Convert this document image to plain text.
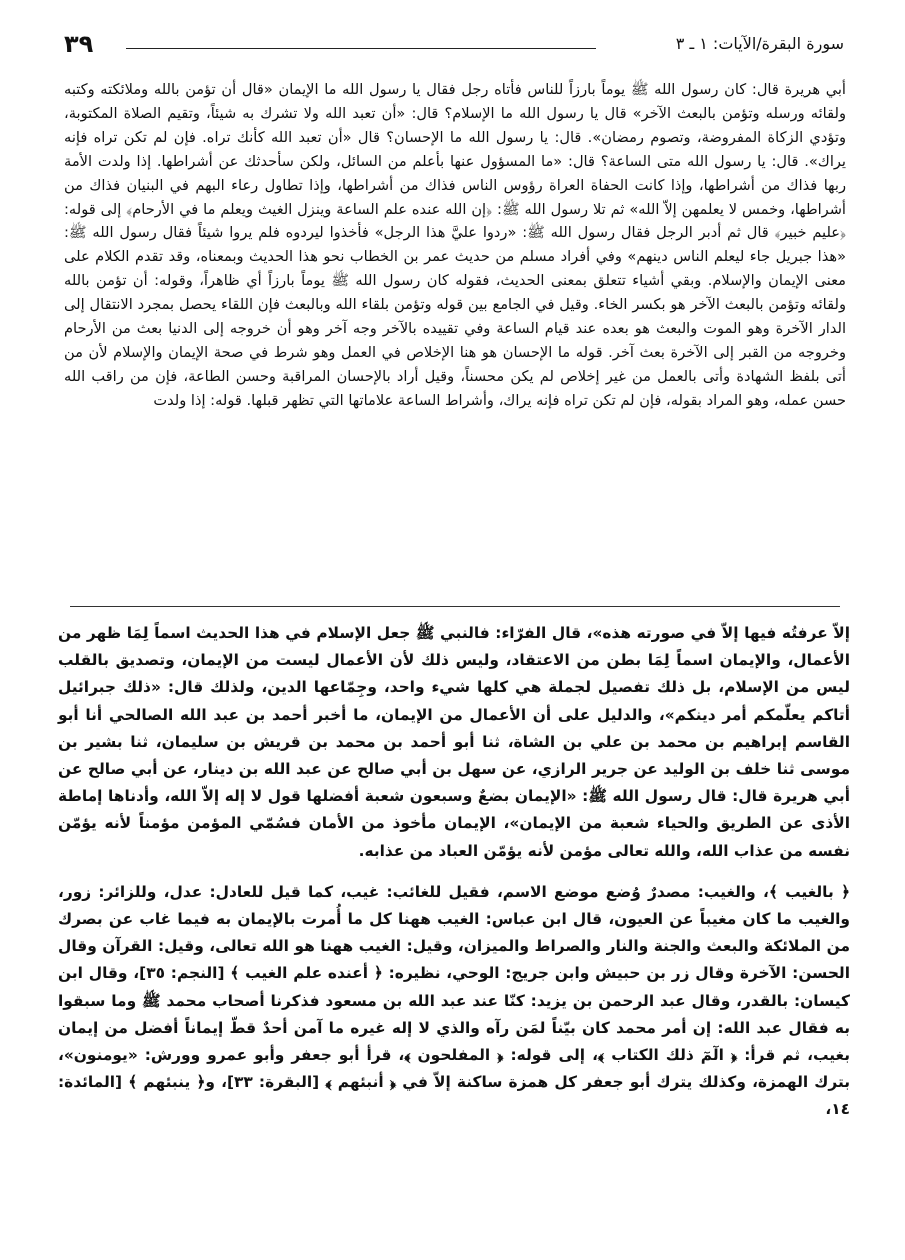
سورة البقرة/الآيات: ١ ـ ٣
٣٩
أبي هريرة قال: كان رسول الله ﷺ يوماً بارزاً للناس فأتاه رجل فقال يا رسول الله ما الإيمان «قال أن تؤمن بالله وملائكته وكتبه ولقائه ورسله وتؤمن بالبعث الآخر» قال يا رسول الله ما الإسلام؟ قال: «أن تعبد الله ولا تشرك به شيئاً، وتقيم الصلاة المكتوبة، وتؤدي الزكاة المفروضة، وتصوم رمضان». قال: يا رسول الله ما الإحسان؟ قال «أن تعبد الله كأنك تراه. فإن لم تكن تراه فإنه يراك». قال: يا رسول الله متى الساعة؟ قال: «ما المسؤول عنها بأعلم من السائل، ولكن سأحدثك عن أشراطها. إذا ولدت الأمة ربها فذاك من أشراطها، وإذا كانت الحفاة العراة رؤوس الناس فذاك من أشراطها، وإذا تطاول رعاء البهم في البنيان فذاك من أشراطها، وخمس لا يعلمهن إلاّ الله» ثم تلا رسول الله ﷺ: ﴿إن الله عنده علم الساعة وينزل الغيث ويعلم ما في الأرحام﴾ إلى قوله: ﴿عليم خبير﴾ قال ثم أدبر الرجل فقال رسول الله ﷺ: «ردوا عليَّ هذا الرجل» فأخذوا ليردوه فلم يروا شيئاً فقال رسول الله ﷺ: «هذا جبريل جاء ليعلم الناس دينهم» وفي أفراد مسلم من حديث عمر بن الخطاب نحو هذا الحديث وبمعناه، وقد تقدم الكلام على معنى الإيمان والإسلام. وبقي أشياء تتعلق بمعنى الحديث، فقوله كان رسول الله ﷺ يوماً بارزاً أي ظاهراً، وقوله: أن تؤمن بالله ولقائه وتؤمن بالبعث الآخر هو بكسر الخاء. وقيل في الجامع بين قوله وتؤمن بلقاء الله وبالبعث فإن اللقاء يحصل بمجرد الانتقال إلى الدار الآخرة وهو الموت والبعث هو بعده عند قيام الساعة وفي تقييده بالآخر وجه آخر وهو أن خروجه إلى الدنيا بعث من الأرحام وخروجه من القبر إلى الآخرة بعث آخر. قوله ما الإحسان هو هنا الإخلاص في العمل وهو شرط في صحة الإيمان والإسلام لأن من أتى بلفظ الشهادة وأتى بالعمل من غير إخلاص لم يكن محسناً، وقيل أراد بالإحسان المراقبة وحسن الطاعة، فإن من راقب الله حسن عمله، وهو المراد بقوله، فإن لم تكن تراه فإنه يراك، وأشراط الساعة علاماتها التي تظهر قبلها. قوله: إذا ولدت

إلاّ عرفتُه فيها إلاّ في صورته هذه»، قال الفرّاء: فالنبي ﷺ جعل الإسلام في هذا الحديث اسماً لِمَا ظهر من الأعمال، والإيمان اسماً لِمَا بطن من الاعتقاد، وليس ذلك لأن الأعمال ليست من الإيمان، وتصديق بالقلب ليس من الإسلام، بل ذلك تفصيل لجملة هي كلها شيء واحد، وجِمّاعها الدين، ولذلك قال: «ذلك جبرائيل أتاكم يعلّمكم أمر دينكم»، والدليل على أن الأعمال من الإيمان، ما أخبر أحمد بن عبد الله الصالحي أنا أبو القاسم إبراهيم بن محمد بن علي بن الشاة، ثنا أبو أحمد بن محمد بن قريش بن سليمان، ثنا بشير بن موسى ثنا خلف بن الوليد عن جرير الرازي، عن سهل بن أبي صالح عن عبد الله بن دينار، عن أبي صالح عن أبي هريرة قال: قال رسول الله ﷺ: «الإيمان بضعٌ وسبعون شعبة أفضلها قول لا إله إلاّ الله، وأدناها إماطة الأذى عن الطريق والحياء شعبة من الإيمان»، الإيمان مأخوذ من الأمان فسُمّي المؤمن مؤمناً لأنه يؤمّن نفسه من عذاب الله، والله تعالى مؤمن لأنه يؤمّن العباد من عذابه.

﴿ بالغيب ﴾، والغيب: مصدرٌ وُضع موضع الاسم، فقيل للغائب: غيب، كما قيل للعادل: عدل، وللزائر: زور، والغيب ما كان مغيباً عن العيون، قال ابن عباس: الغيب ههنا كل ما أُمرت بالإيمان به فيما غاب عن بصرك من الملائكة والبعث والجنة والنار والصراط والميزان، وقيل: الغيب ههنا هو الله تعالى، وقيل: القرآن وقال الحسن: الآخرة وقال زر بن حبيش وابن جريج: الوحي، نظيره: ﴿ أعنده علم الغيب ﴾ [النجم: ٣٥]، وقال ابن كيسان: بالقدر، وقال عبد الرحمن بن يزيد: كنّا عند عبد الله بن مسعود فذكرنا أصحاب محمد ﷺ وما سبقوا به فقال عبد الله: إن أمر محمد كان بيّناً لمَن رآه والذي لا إله غيره ما آمن أحدٌ قطّ إيماناً أفضل من إيمان بغيب، ثم قرأ: ﴿ الٓمٓ ذلك الكتاب ﴾، إلى قوله: ﴿ المفلحون ﴾، قرأ أبو جعفر وأبو عمرو وورش: «يومنون»، بترك الهمزة، وكذلك يترك أبو جعفر كل همزة ساكنة إلاّ في ﴿ أنبئهم ﴾ [البقرة: ٣٣]، و﴿ ينبئهم ﴾ [المائدة: ١٤،
